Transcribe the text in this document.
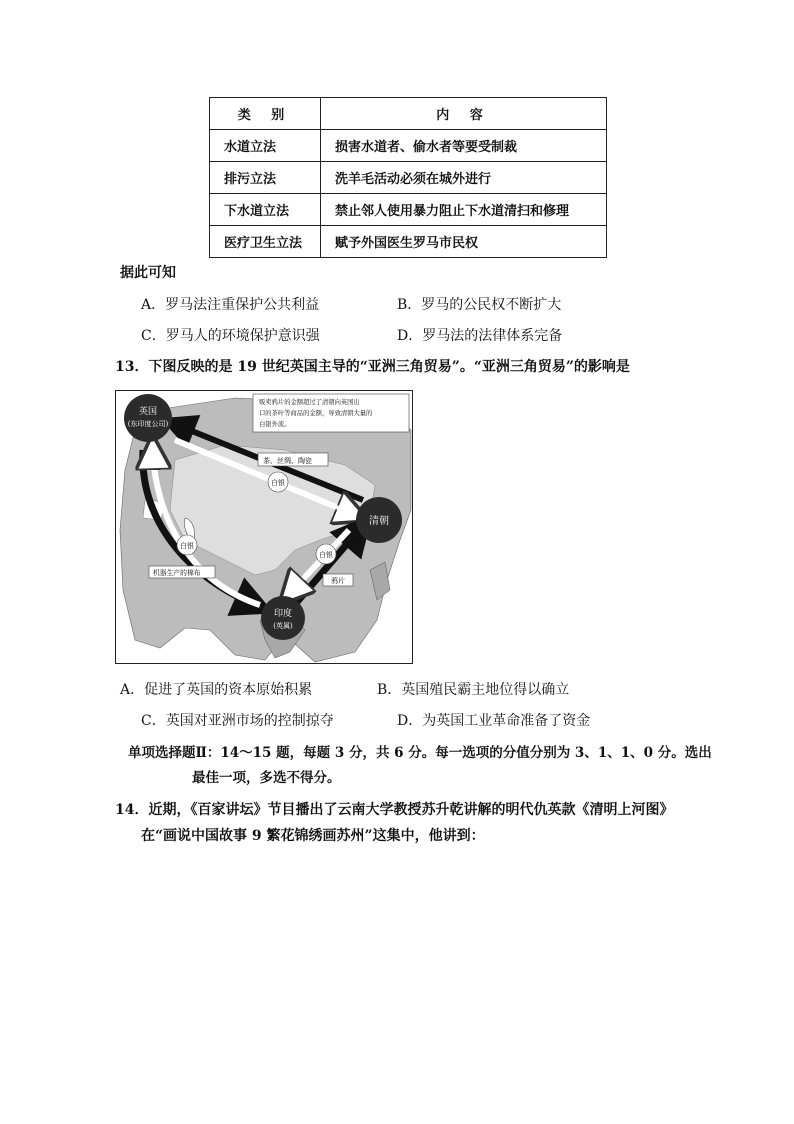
类 别	内 容
水道立法	损害水道者、偷水者等要受制裁
排污立法	洗羊毛活动必须在城外进行
下水道立法	禁止邻人使用暴力阻止下水道清扫和修理
医疗卫生立法	赋予外国医生罗马市民权
据此可知
A．罗马法注重保护公共利益	B．罗马的公民权不断扩大
C．罗马人的环境保护意识强	D．罗马法的法律体系完备
13．下图反映的是 19 世纪英国主导的“亚洲三角贸易”。“亚洲三角贸易”的影响是
英国
(东印度公司)
清朝
印度
(英属)
贩卖鸦片的金额超过了清朝向英国出
口的茶叶等商品的金额，导致清朝大量的
白银外流。
茶、丝绸、陶瓷
白银
白银
白银
机器生产的棉布
鸦片
A．促进了英国的资本原始积累	B．英国殖民霸主地位得以确立
C．英国对亚洲市场的控制掠夺	D．为英国工业革命准备了资金
单项选择题Ⅱ：14～15 题，每题 3 分，共 6 分。每一选项的分值分别为 3、1、1、0 分。选出
最佳一项，多选不得分。
14．近期，《百家讲坛》节目播出了云南大学教授苏升乾讲解的明代仇英款《清明上河图》
在“画说中国故事 9 繁花锦绣画苏州”这集中，他讲到：
